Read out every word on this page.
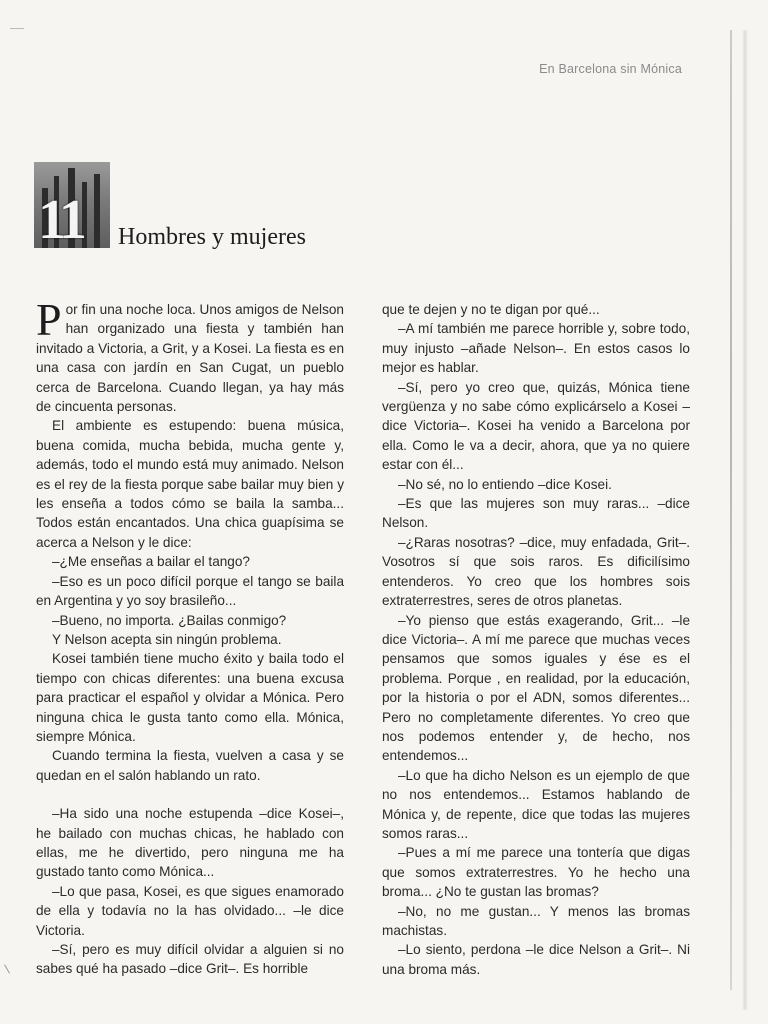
En Barcelona sin Mónica
11 Hombres y mujeres

Por fin una noche loca. Unos amigos de Nelson han organizado una fiesta y también han invitado a Victoria, a Grit, y a Kosei. La fiesta es en una casa con jardín en San Cugat, un pueblo cerca de Barcelona. Cuando llegan, ya hay más de cincuenta personas.

El ambiente es estupendo: buena música, buena comida, mucha bebida, mucha gente y, además, todo el mundo está muy animado. Nelson es el rey de la fiesta porque sabe bailar muy bien y les enseña a todos cómo se baila la samba... Todos están encantados. Una chica guapísima se acerca a Nelson y le dice:

–¿Me enseñas a bailar el tango?

–Eso es un poco difícil porque el tango se baila en Argentina y yo soy brasileño...

–Bueno, no importa. ¿Bailas conmigo?

Y Nelson acepta sin ningún problema.

Kosei también tiene mucho éxito y baila todo el tiempo con chicas diferentes: una buena excusa para practicar el español y olvidar a Mónica. Pero ninguna chica le gusta tanto como ella. Mónica, siempre Mónica.

Cuando termina la fiesta, vuelven a casa y se quedan en el salón hablando un rato.

–Ha sido una noche estupenda –dice Kosei–, he bailado con muchas chicas, he hablado con ellas, me he divertido, pero ninguna me ha gustado tanto como Mónica...

–Lo que pasa, Kosei, es que sigues enamorado de ella y todavía no la has olvidado... –le dice Victoria.

–Sí, pero es muy difícil olvidar a alguien si no sabes qué ha pasado –dice Grit–. Es horrible

que te dejen y no te digan por qué...

–A mí también me parece horrible y, sobre todo, muy injusto –añade Nelson–. En estos casos lo mejor es hablar.

–Sí, pero yo creo que, quizás, Mónica tiene vergüenza y no sabe cómo explicárselo a Kosei –dice Victoria–. Kosei ha venido a Barcelona por ella. Como le va a decir, ahora, que ya no quiere estar con él...

–No sé, no lo entiendo –dice Kosei.

–Es que las mujeres son muy raras... –dice Nelson.

–¿Raras nosotras? –dice, muy enfadada, Grit–. Vosotros sí que sois raros. Es dificilísimo entenderos. Yo creo que los hombres sois extraterrestres, seres de otros planetas.

–Yo pienso que estás exagerando, Grit... –le dice Victoria–. A mí me parece que muchas veces pensamos que somos iguales y ése es el problema. Porque , en realidad, por la educación, por la historia o por el ADN, somos diferentes... Pero no completamente diferentes. Yo creo que nos podemos entender y, de hecho, nos entendemos...

–Lo que ha dicho Nelson es un ejemplo de que no nos entendemos... Estamos hablando de Mónica y, de repente, dice que todas las mujeres somos raras...

–Pues a mí me parece una tontería que digas que somos extraterrestres. Yo he hecho una broma... ¿No te gustan las bromas?

–No, no me gustan... Y menos las bromas machistas.

–Lo siento, perdona –le dice Nelson a Grit–. Ni una broma más.
